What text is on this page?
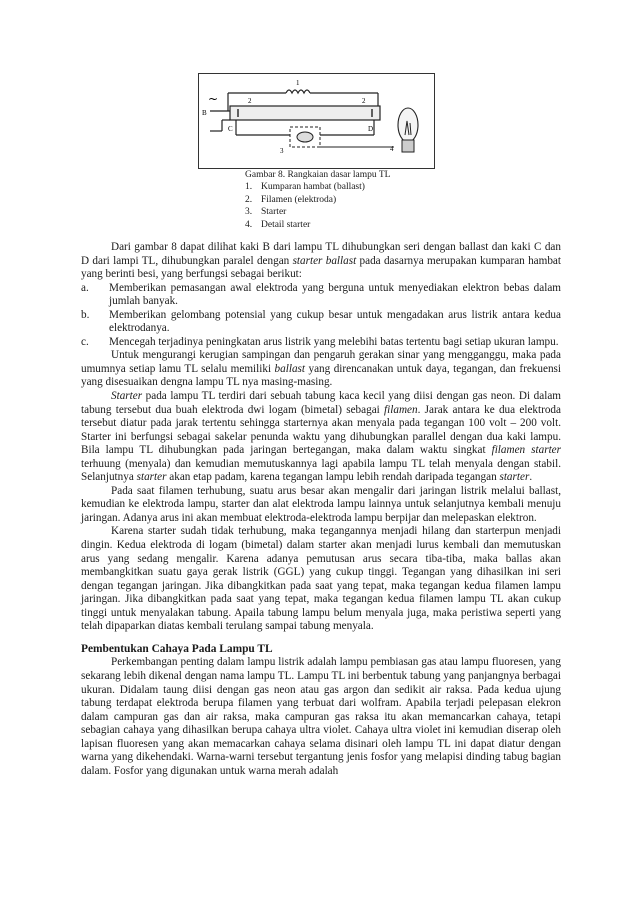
~
1
2	2
3	4
B
C	D
Gambar 8. Rangkaian dasar lampu TL
1. Kumparan hambat (ballast)
2. Filamen (elektroda)
3. Starter
4. Detail starter

Dari gambar 8 dapat dilihat kaki B dari lampu TL dihubungkan seri dengan ballast dan kaki C dan D dari lampi TL, dihubungkan paralel dengan starter ballast pada dasarnya merupakan kumparan hambat yang berinti besi, yang berfungsi sebagai berikut:

a.	Memberikan pemasangan awal elektroda yang berguna untuk menyediakan elektron bebas dalam jumlah banyak.
b.	Memberikan gelombang potensial yang cukup besar untuk mengadakan arus listrik antara kedua elektrodanya.
c.	Mencegah terjadinya peningkatan arus listrik yang melebihi batas tertentu bagi setiap ukuran lampu.

Untuk mengurangi kerugian sampingan dan pengaruh gerakan sinar yang mengganggu, maka pada umumnya setiap lamu TL selalu memiliki ballast yang direncanakan untuk daya, tegangan, dan frekuensi yang disesuaikan dengna lampu TL nya masing-masing.

Starter pada lampu TL terdiri dari sebuah tabung kaca kecil yang diisi dengan gas neon. Di dalam tabung tersebut dua buah elektroda dwi logam (bimetal) sebagai filamen. Jarak antara ke dua elektroda tersebut diatur pada jarak tertentu sehingga starternya akan menyala pada tegangan 100 volt – 200 volt. Starter ini berfungsi sebagai sakelar penunda waktu yang dihubungkan parallel dengan dua kaki lampu. Bila lampu TL dihubungkan pada jaringan bertegangan, maka dalam waktu singkat filamen starter terhuung (menyala) dan kemudian memutuskannya lagi apabila lampu TL telah menyala dengan stabil. Selanjutnya starter akan etap padam, karena tegangan lampu lebih rendah daripada tegangan starter.

Pada saat filamen terhubung, suatu arus besar akan mengalir dari jaringan listrik melalui ballast, kemudian ke elektroda lampu, starter dan alat elektroda lampu lainnya untuk selanjutnya kembali menuju jaringan. Adanya arus ini akan membuat elektroda-elektroda lampu berpijar dan melepaskan elektron.

Karena starter sudah tidak terhubung, maka tegangannya menjadi hilang dan starterpun menjadi dingin. Kedua elektroda di logam (bimetal) dalam starter akan menjadi lurus kembali dan memutuskan arus yang sedang mengalir. Karena adanya pemutusan arus secara tiba-tiba, maka ballas akan membangkitkan suatu gaya gerak listrik (GGL) yang cukup tinggi. Tegangan yang dihasilkan ini seri dengan tegangan jaringan. Jika dibangkitkan pada saat yang tepat, maka tegangan kedua filamen lampu jaringan. Jika dibangkitkan pada saat yang tepat, maka tegangan kedua filamen lampu TL akan cukup tinggi untuk menyalakan tabung. Apaila tabung lampu belum menyala juga, maka peristiwa seperti yang telah dipaparkan diatas kembali terulang sampai tabung menyala.

Pembentukan Cahaya Pada Lampu TL

Perkembangan penting dalam lampu listrik adalah lampu pembiasan gas atau lampu fluoresen, yang sekarang lebih dikenal dengan nama lampu TL. Lampu TL ini berbentuk tabung yang panjangnya berbagai ukuran. Didalam taung diisi dengan gas neon atau gas argon dan sedikit air raksa. Pada kedua ujung tabung terdapat elektroda berupa filamen yang terbuat dari wolfram. Apabila terjadi pelepasan elekron dalam campuran gas dan air raksa, maka campuran gas raksa itu akan memancarkan cahaya, tetapi sebagian cahaya yang dihasilkan berupa cahaya ultra violet. Cahaya ultra violet ini kemudian diserap oleh lapisan fluoresen yang akan memacarkan cahaya selama disinari oleh lampu TL ini dapat diatur dengan warna yang dikehendaki. Warna-warni tersebut tergantung jenis fosfor yang melapisi dinding tabug bagian dalam. Fosfor yang digunakan untuk warna merah adalah
